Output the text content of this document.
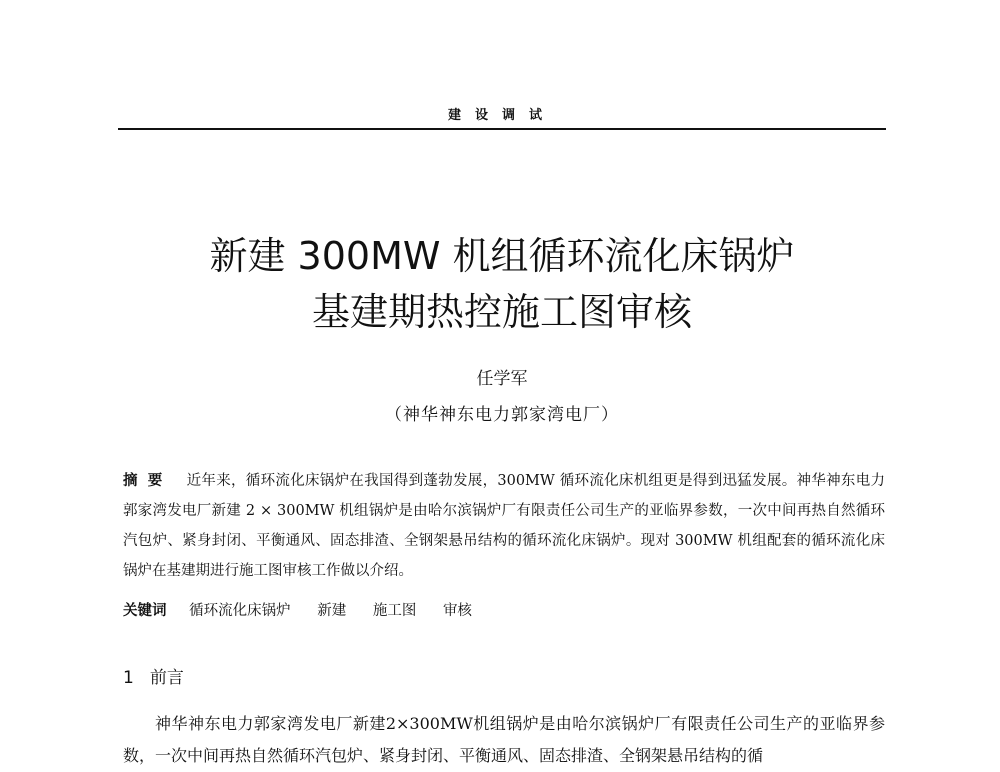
建设调试
新建 300MW 机组循环流化床锅炉
基建期热控施工图审核
任学军
（神华神东电力郭家湾电厂）
摘要 近年来，循环流化床锅炉在我国得到蓬勃发展，300MW 循环流化床机组更是得到迅猛发展。神华神东电力郭家湾发电厂新建 2 × 300MW 机组锅炉是由哈尔滨锅炉厂有限责任公司生产的亚临界参数，一次中间再热自然循环汽包炉、紧身封闭、平衡通风、固态排渣、全钢架悬吊结构的循环流化床锅炉。现对 300MW 机组配套的循环流化床锅炉在基建期进行施工图审核工作做以介绍。
关键词 循环流化床锅炉 新建 施工图 审核
1 前言
神华神东电力郭家湾发电厂新建2×300MW机组锅炉是由哈尔滨锅炉厂有限责任公司生产的亚临界参数，一次中间再热自然循环汽包炉、紧身封闭、平衡通风、固态排渣、全钢架悬吊结构的循
